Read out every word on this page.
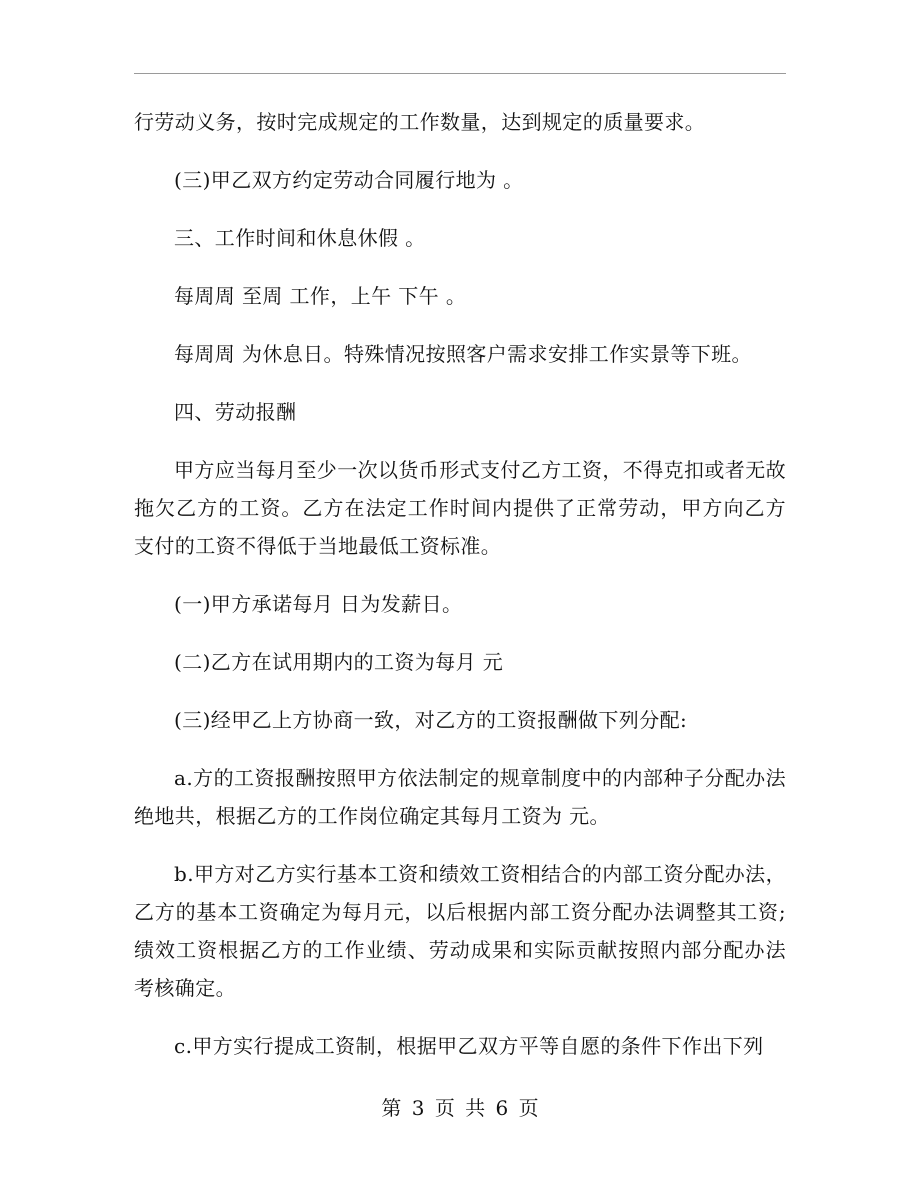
行劳动义务，按时完成规定的工作数量，达到规定的质量要求。

(三)甲乙双方约定劳动合同履行地为 。

三、工作时间和休息休假 。

每周周 至周 工作，上午 下午 。

每周周 为休息日。特殊情况按照客户需求安排工作实景等下班。

四、劳动报酬

甲方应当每月至少一次以货币形式支付乙方工资，不得克扣或者无故拖欠乙方的工资。乙方在法定工作时间内提供了正常劳动，甲方向乙方支付的工资不得低于当地最低工资标准。

(一)甲方承诺每月 日为发薪日。

(二)乙方在试用期内的工资为每月 元

(三)经甲乙上方协商一致，对乙方的工资报酬做下列分配:

a.方的工资报酬按照甲方依法制定的规章制度中的内部种子分配办法绝地共，根据乙方的工作岗位确定其每月工资为 元。

b.甲方对乙方实行基本工资和绩效工资相结合的内部工资分配办法，乙方的基本工资确定为每月元，以后根据内部工资分配办法调整其工资;绩效工资根据乙方的工作业绩、劳动成果和实际贡献按照内部分配办法考核确定。

c.甲方实行提成工资制，根据甲乙双方平等自愿的条件下作出下列

第 3 页 共 6 页
